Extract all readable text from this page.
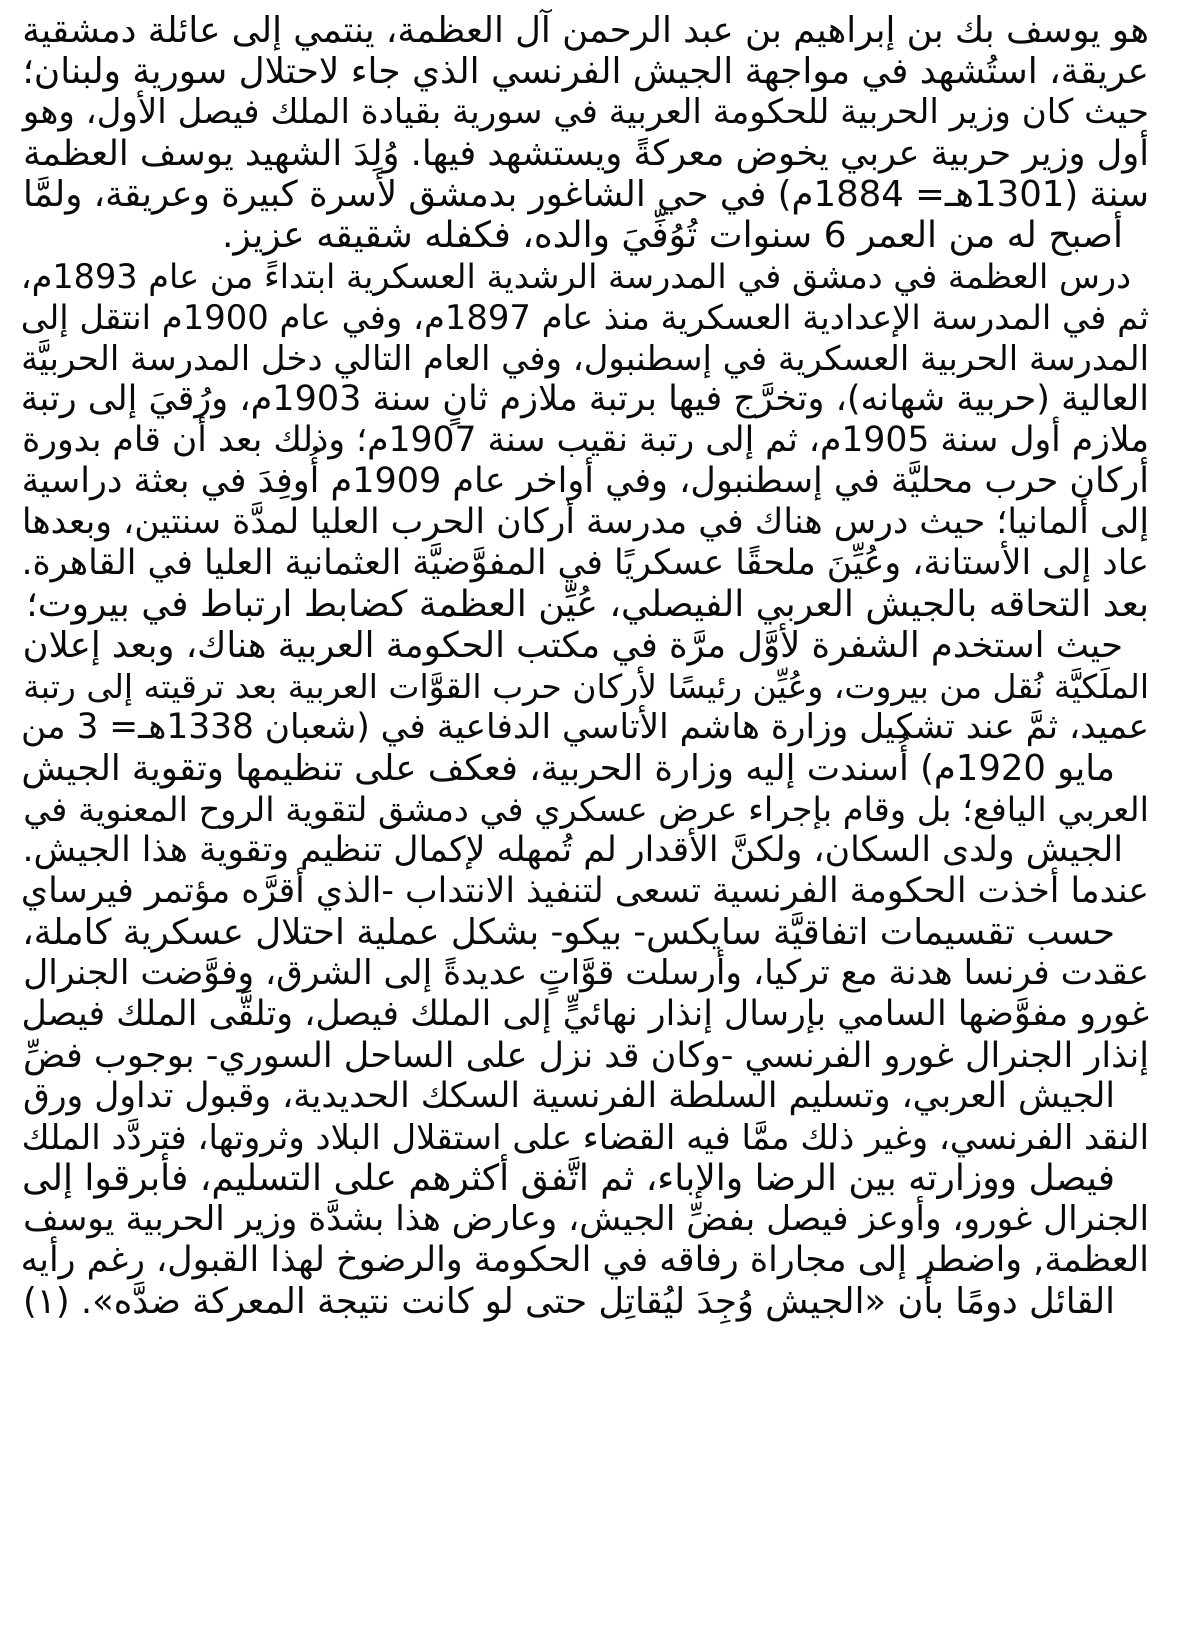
هو يوسف بك بن إبراهيم بن عبد الرحمن آل العظمة، ينتمي إلى عائلة دمشقية
عريقة، استُشهد في مواجهة الجيش الفرنسي الذي جاء لاحتلال سورية ولبنان؛
حيث كان وزير الحربية للحكومة العربية في سورية بقيادة الملك فيصل الأول، وهو
أول وزير حربية عربي يخوض معركةً ويستشهد فيها. وُلِدَ الشهيد يوسف العظمة
سنة (1301هـ= 1884م) في حي الشاغور بدمشق لأسرة كبيرة وعريقة، ولمَّا
أصبح له من العمر 6 سنوات تُوُفِّيَ والده، فكفله شقيقه عزيز.
درس العظمة في دمشق في المدرسة الرشدية العسكرية ابتداءً من عام 1893م،
ثم في المدرسة الإعدادية العسكرية منذ عام 1897م، وفي عام 1900م انتقل إلى
المدرسة الحربية العسكرية في إسطنبول، وفي العام التالي دخل المدرسة الحربيَّة
العالية (حربية شهانه)، وتخرَّج فيها برتبة ملازم ثانٍ سنة 1903م، ورُقيَ إلى رتبة
ملازم أول سنة 1905م، ثم إلى رتبة نقيب سنة 1907م؛ وذلك بعد أن قام بدورة
أركان حرب محليَّة في إسطنبول، وفي أواخر عام 1909م أُوفِدَ في بعثة دراسية
إلى ألمانيا؛ حيث درس هناك في مدرسة أركان الحرب العليا لمدَّة سنتين، وبعدها
عاد إلى الأستانة، وعُيِّنَ ملحقًا عسكريًا في المفوَّضيَّة العثمانية العليا في القاهرة.
بعد التحاقه بالجيش العربي الفيصلي، عُيِّن العظمة كضابط ارتباط في بيروت؛
حيث استخدم الشفرة لأوَّل مرَّة في مكتب الحكومة العربية هناك، وبعد إعلان
الملَكيَّة نُقل من بيروت، وعُيِّن رئيسًا لأركان حرب القوَّات العربية بعد ترقيته إلى رتبة
عميد، ثمَّ عند تشكيل وزارة هاشم الأتاسي الدفاعية في (شعبان 1338هـ= 3 من
مايو 1920م) أُسندت إليه وزارة الحربية، فعكف على تنظيمها وتقوية الجيش
العربي اليافع؛ بل وقام بإجراء عرض عسكري في دمشق لتقوية الروح المعنوية في
الجيش ولدى السكان، ولكنَّ الأقدار لم تُمهله لإكمال تنظيم وتقوية هذا الجيش.
عندما أخذت الحكومة الفرنسية تسعى لتنفيذ الانتداب -الذي أقرَّه مؤتمر فيرساي
حسب تقسيمات اتفاقيَّة سايكس- بيكو- بشكل عملية احتلال عسكرية كاملة،
عقدت فرنسا هدنة مع تركيا، وأرسلت قوَّاتٍ عديدةً إلى الشرق، وفوَّضت الجنرال
غورو مفوَّضها السامي بإرسال إنذار نهائيٍّ إلى الملك فيصل، وتلقَّى الملك فيصل
إنذار الجنرال غورو الفرنسي -وكان قد نزل على الساحل السوري- بوجوب فضِّ
الجيش العربي، وتسليم السلطة الفرنسية السكك الحديدية، وقبول تداول ورق
النقد الفرنسي، وغير ذلك ممَّا فيه القضاء على استقلال البلاد وثروتها، فتردَّد الملك
فيصل ووزارته بين الرضا والإباء، ثم اتَّفق أكثرهم على التسليم، فأبرقوا إلى
الجنرال غورو، وأوعز فيصل بفضِّ الجيش، وعارض هذا بشدَّة وزير الحربية يوسف
العظمة, واضطر إلى مجاراة رفاقه في الحكومة والرضوخ لهذا القبول، رغم رأيه
القائل دومًا بأن «الجيش وُجِدَ ليُقاتِل حتى لو كانت نتيجة المعركة ضدَّه». (١)
